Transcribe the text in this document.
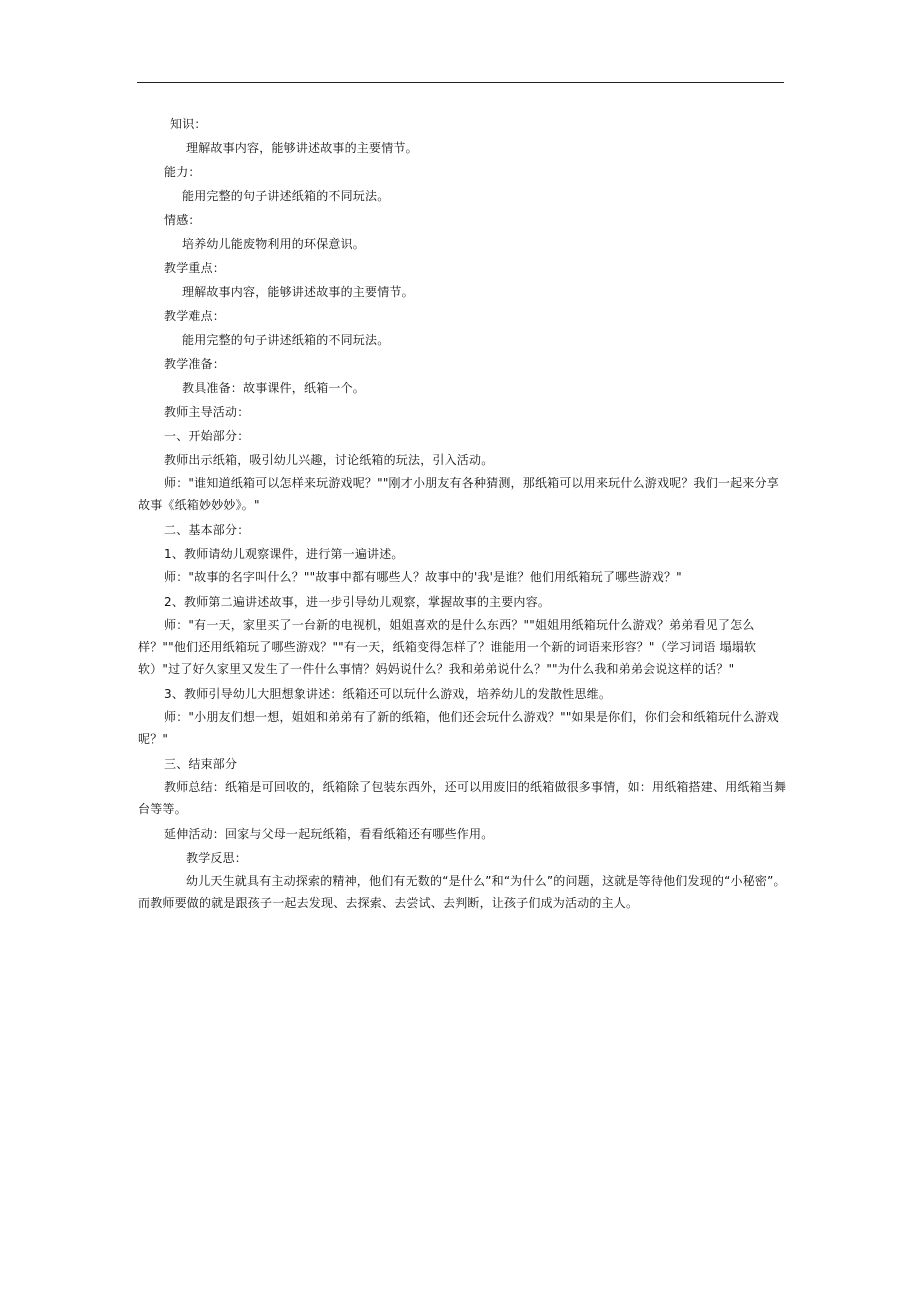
知识：

理解故事内容，能够讲述故事的主要情节。

能力：

能用完整的句子讲述纸箱的不同玩法。

情感：

培养幼儿能废物利用的环保意识。

教学重点：

理解故事内容，能够讲述故事的主要情节。

教学难点：

能用完整的句子讲述纸箱的不同玩法。

教学准备：

教具准备：故事课件，纸箱一个。

教师主导活动：

一、开始部分：

教师出示纸箱，吸引幼儿兴趣，讨论纸箱的玩法，引入活动。

师："谁知道纸箱可以怎样来玩游戏呢？""刚才小朋友有各种猜测，那纸箱可以用来玩什么游戏呢？我们一起来分享故事《纸箱妙妙妙》。"

二、基本部分：

1、教师请幼儿观察课件，进行第一遍讲述。

师："故事的名字叫什么？""故事中都有哪些人？故事中的'我'是谁？他们用纸箱玩了哪些游戏？"

2、教师第二遍讲述故事，进一步引导幼儿观察，掌握故事的主要内容。

师："有一天，家里买了一台新的电视机，姐姐喜欢的是什么东西？""姐姐用纸箱玩什么游戏？弟弟看见了怎么样？""他们还用纸箱玩了哪些游戏？""有一天，纸箱变得怎样了？谁能用一个新的词语来形容？"（学习词语 塌塌软软）"过了好久家里又发生了一件什么事情？妈妈说什么？我和弟弟说什么？""为什么我和弟弟会说这样的话？"

3、教师引导幼儿大胆想象讲述：纸箱还可以玩什么游戏，培养幼儿的发散性思维。

师："小朋友们想一想，姐姐和弟弟有了新的纸箱，他们还会玩什么游戏？""如果是你们，你们会和纸箱玩什么游戏呢？"

三、结束部分

教师总结：纸箱是可回收的，纸箱除了包装东西外，还可以用废旧的纸箱做很多事情，如：用纸箱搭建、用纸箱当舞台等等。

延伸活动：回家与父母一起玩纸箱，看看纸箱还有哪些作用。

教学反思：

幼儿天生就具有主动探索的精神，他们有无数的“是什么”和“为什么”的问题，这就是等待他们发现的“小秘密”。而教师要做的就是跟孩子一起去发现、去探索、去尝试、去判断，让孩子们成为活动的主人。
